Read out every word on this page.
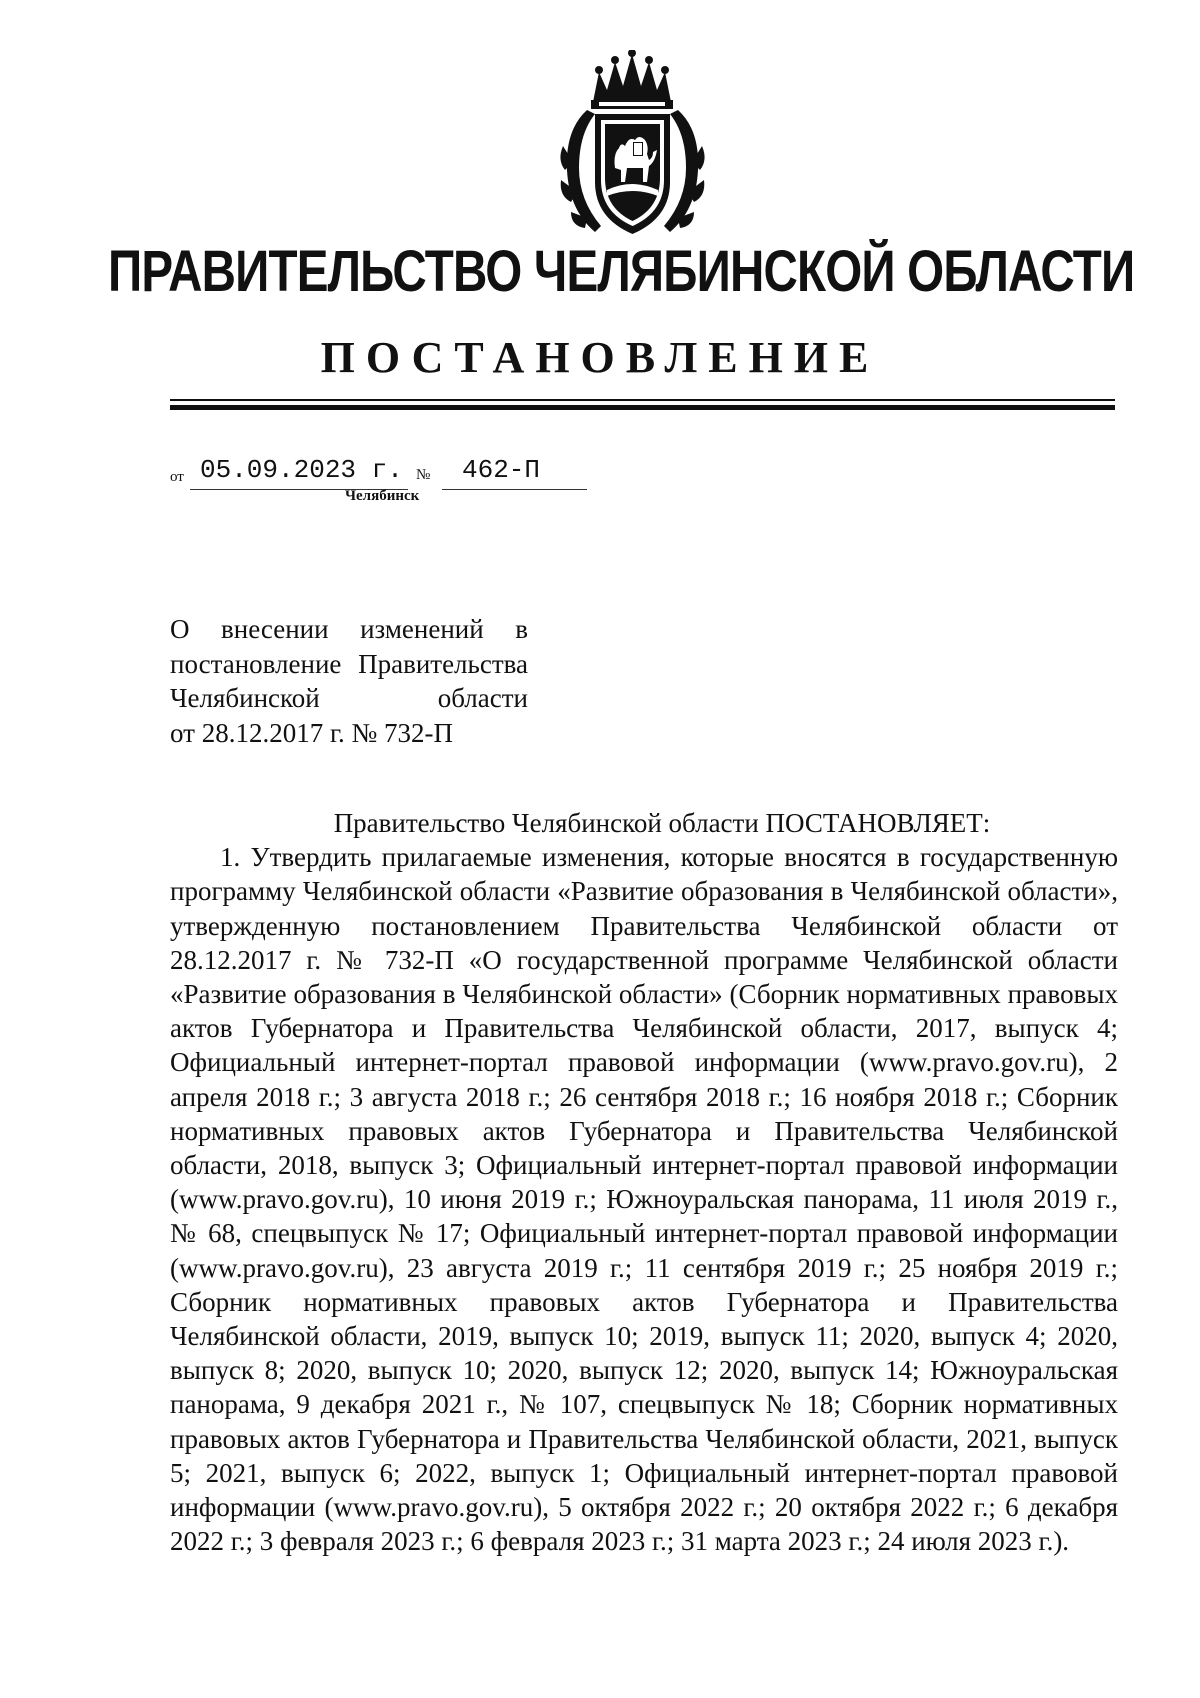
ПРАВИТЕЛЬСТВО ЧЕЛЯБИНСКОЙ ОБЛАСТИ
ПОСТАНОВЛЕНИЕ
от 05.09.2023 г. № 462-П
Челябинск
О внесении изменений в
постановление Правительства
Челябинской области
от 28.12.2017 г. № 732-П
Правительство Челябинской области ПОСТАНОВЛЯЕТ:
1. Утвердить прилагаемые изменения, которые вносятся в государственную программу Челябинской области «Развитие образования в Челябинской области», утвержденную постановлением Правительства Челябинской области от 28.12.2017 г. № 732-П «О государственной программе Челябинской области «Развитие образования в Челябинской области» (Сборник нормативных правовых актов Губернатора и Правительства Челябинской области, 2017, выпуск 4; Официальный интернет-портал правовой информации (www.pravo.gov.ru), 2 апреля 2018 г.; 3 августа 2018 г.; 26 сентября 2018 г.; 16 ноября 2018 г.; Сборник нормативных правовых актов Губернатора и Правительства Челябинской области, 2018, выпуск 3; Официальный интернет-портал правовой информации (www.pravo.gov.ru), 10 июня 2019 г.; Южноуральская панорама, 11 июля 2019 г., № 68, спецвыпуск № 17; Официальный интернет-портал правовой информации (www.pravo.gov.ru), 23 августа 2019 г.; 11 сентября 2019 г.; 25 ноября 2019 г.; Сборник нормативных правовых актов Губернатора и Правительства Челябинской области, 2019, выпуск 10; 2019, выпуск 11; 2020, выпуск 4; 2020, выпуск 8; 2020, выпуск 10; 2020, выпуск 12; 2020, выпуск 14; Южноуральская панорама, 9 декабря 2021 г., № 107, спецвыпуск № 18; Сборник нормативных правовых актов Губернатора и Правительства Челябинской области, 2021, выпуск 5; 2021, выпуск 6; 2022, выпуск 1; Официальный интернет-портал правовой информации (www.pravo.gov.ru), 5 октября 2022 г.; 20 октября 2022 г.; 6 декабря 2022 г.; 3 февраля 2023 г.; 6 февраля 2023 г.; 31 марта 2023 г.; 24 июля 2023 г.).
